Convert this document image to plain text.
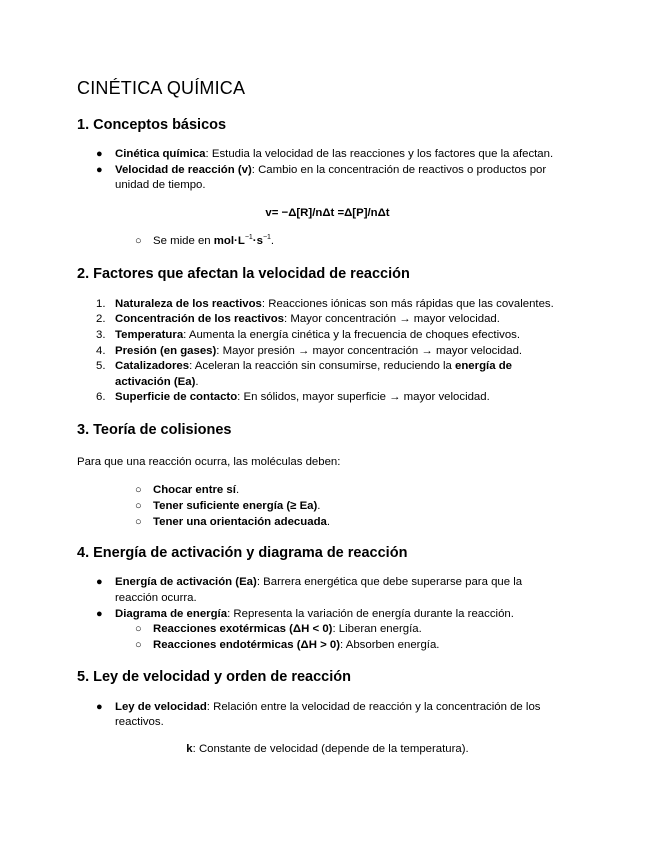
CINÉTICA QUÍMICA
1. Conceptos básicos
● Cinética química: Estudia la velocidad de las reacciones y los factores que la afectan.
● Velocidad de reacción (v): Cambio en la concentración de reactivos o productos por
unidad de tiempo.
v= −Δ[R]/nΔt =Δ[P]/nΔt
○ Se mide en $mol\cdot L^{-1}\cdot s^{-1}$.
2. Factores que afectan la velocidad de reacción
1. Naturaleza de los reactivos: Reacciones iónicas son más rápidas que las covalentes.
2. Concentración de los reactivos: Mayor concentración → mayor velocidad.
3. Temperatura: Aumenta la energía cinética y la frecuencia de choques efectivos.
4. Presión (en gases): Mayor presión → mayor concentración → mayor velocidad.
5. Catalizadores: Aceleran la reacción sin consumirse, reduciendo la energía de
activación (Ea).
6. Superficie de contacto: En sólidos, mayor superficie → mayor velocidad.
3. Teoría de colisiones
Para que una reacción ocurra, las moléculas deben:
○ Chocar entre sí.
○ Tener suficiente energía (≥ Ea).
○ Tener una orientación adecuada.
4. Energía de activación y diagrama de reacción
● Energía de activación (Ea): Barrera energética que debe superarse para que la
reacción ocurra.
● Diagrama de energía: Representa la variación de energía durante la reacción.
○ Reacciones exotérmicas (ΔH < 0): Liberan energía.
○ Reacciones endotérmicas (ΔH > 0): Absorben energía.
5. Ley de velocidad y orden de reacción
● Ley de velocidad: Relación entre la velocidad de reacción y la concentración de los
reactivos.
k: Constante de velocidad (depende de la temperatura).
